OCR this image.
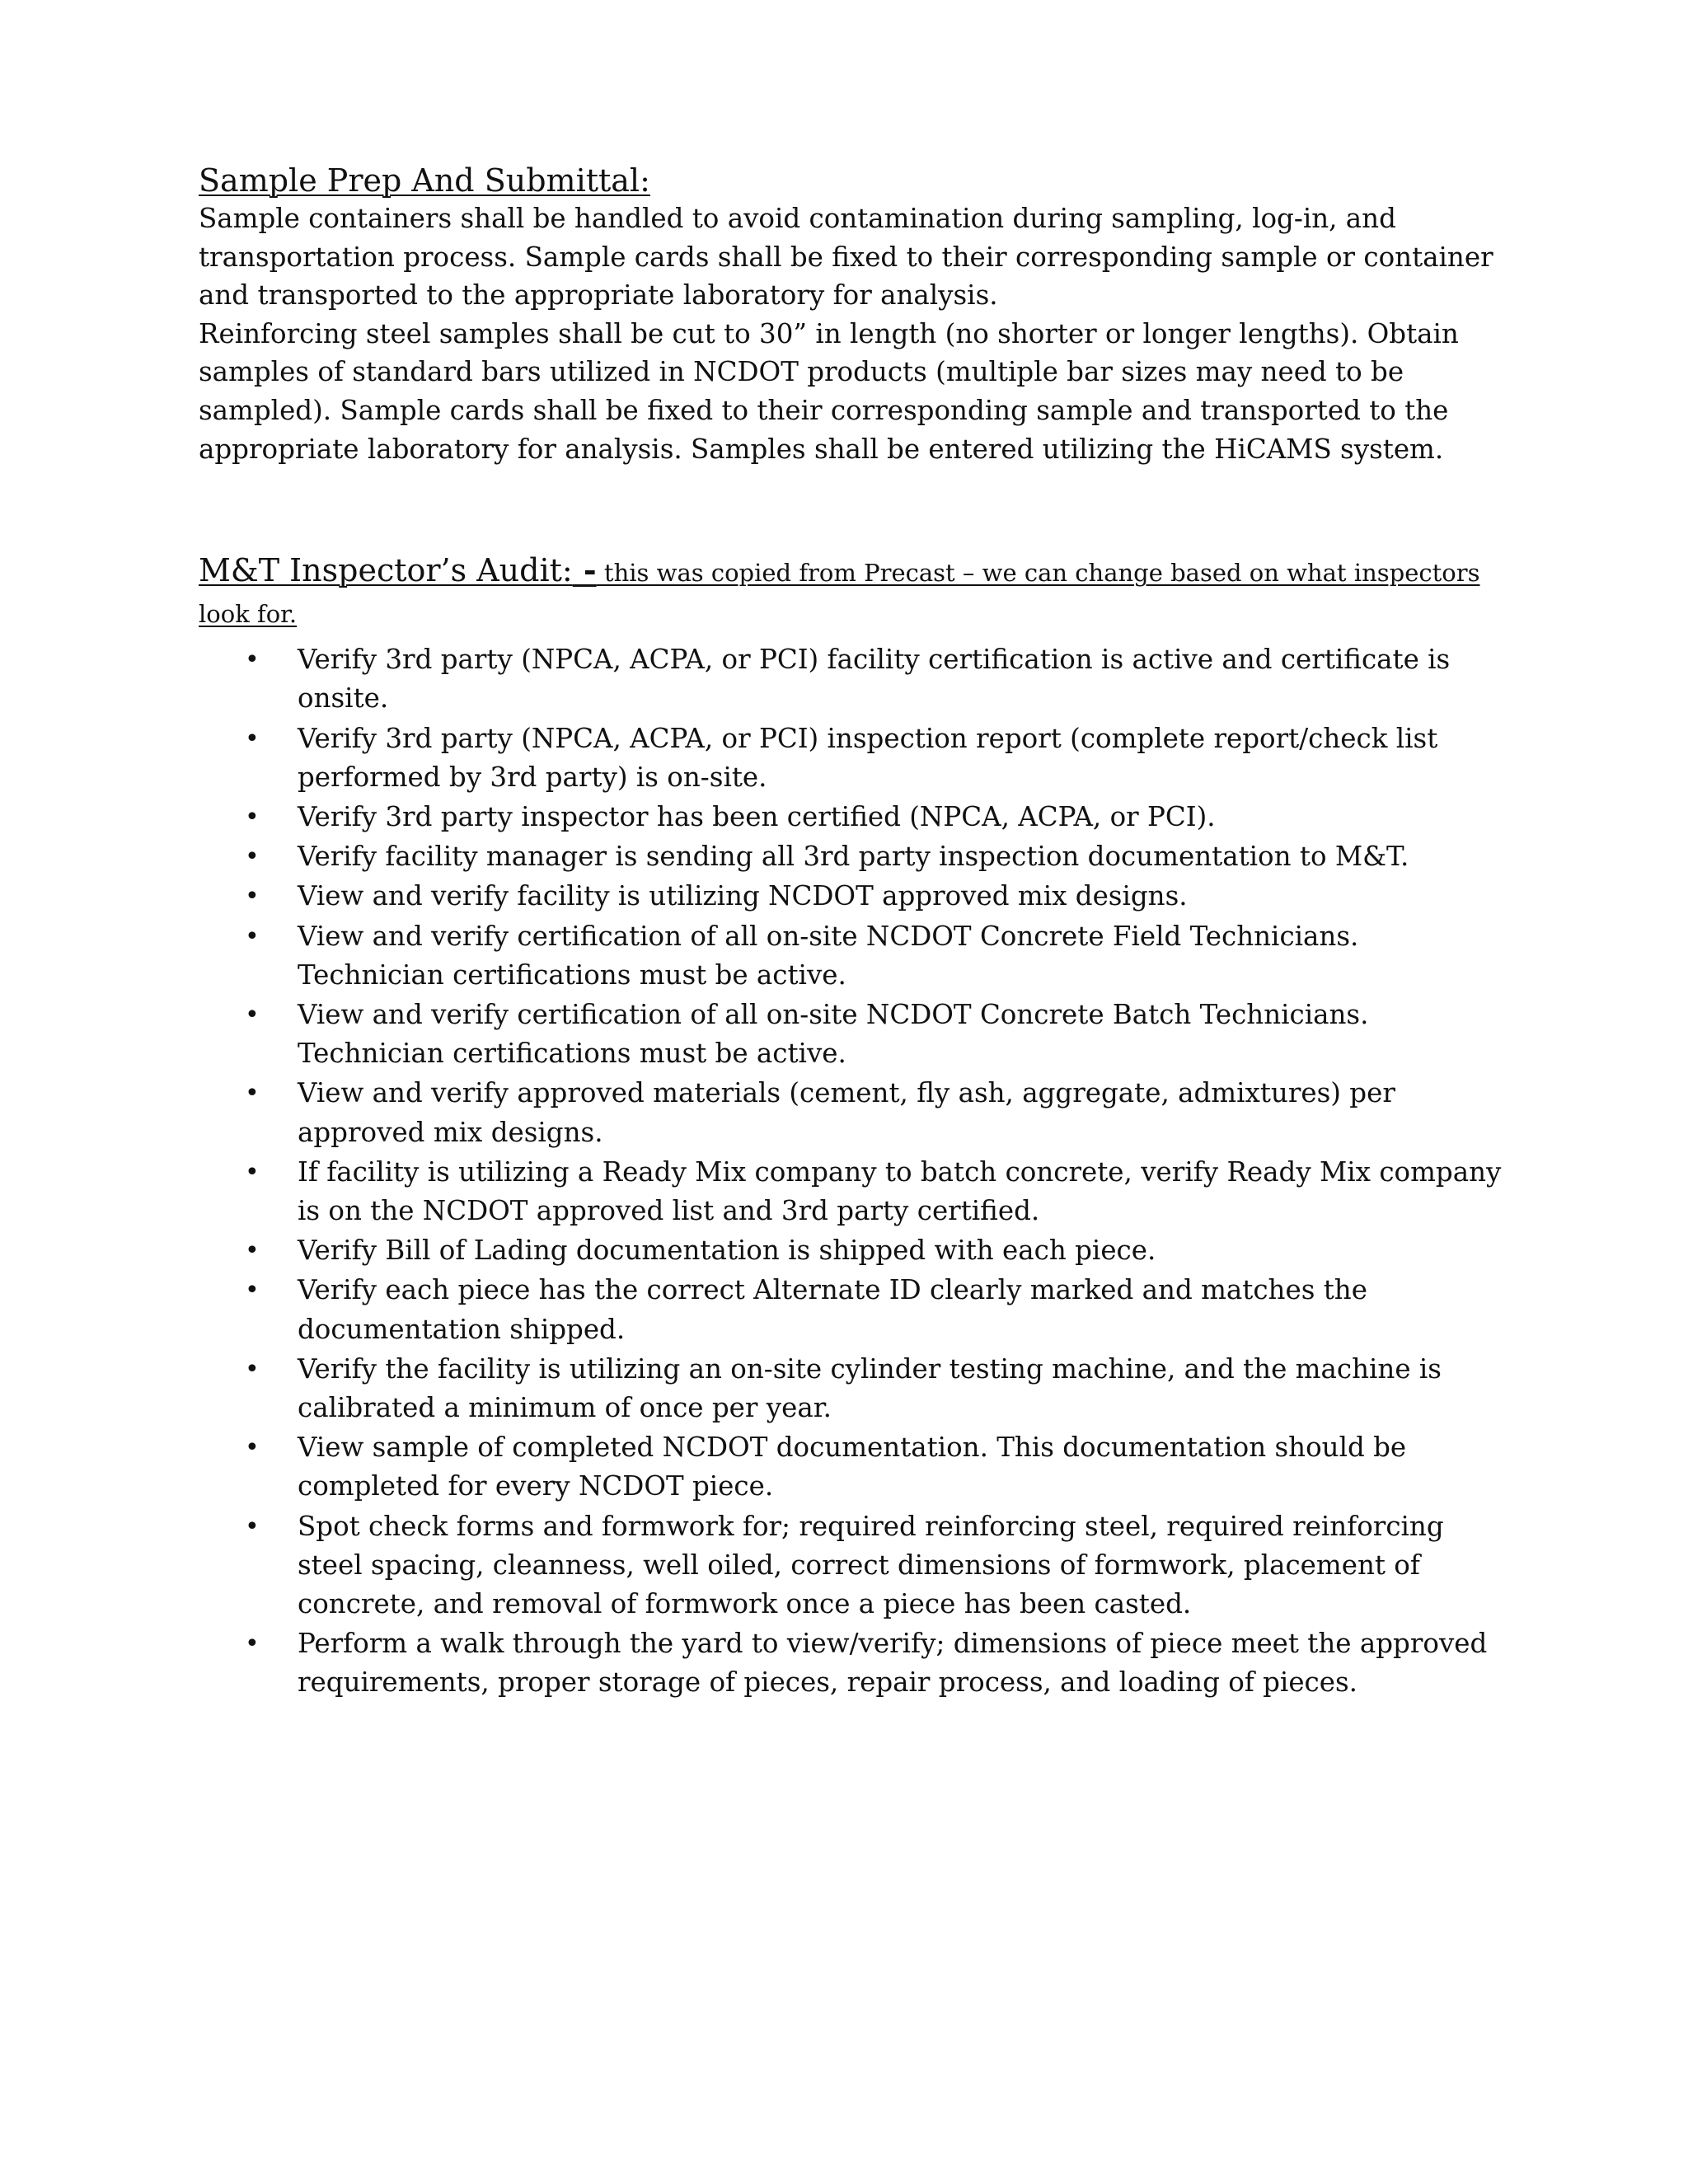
Sample Prep And Submittal:

Sample containers shall be handled to avoid contamination during sampling, log-in, and transportation process. Sample cards shall be fixed to their corresponding sample or container and transported to the appropriate laboratory for analysis.

Reinforcing steel samples shall be cut to 30” in length (no shorter or longer lengths). Obtain samples of standard bars utilized in NCDOT products (multiple bar sizes may need to be sampled). Sample cards shall be fixed to their corresponding sample and transported to the appropriate laboratory for analysis. Samples shall be entered utilizing the HiCAMS system.

M&T Inspector’s Audit: - this was copied from Precast – we can change based on what inspectors look for.
• Verify 3rd party (NPCA, ACPA, or PCI) facility certification is active and certificate is onsite.
• Verify 3rd party (NPCA, ACPA, or PCI) inspection report (complete report/check list performed by 3rd party) is on-site.
• Verify 3rd party inspector has been certified (NPCA, ACPA, or PCI).
• Verify facility manager is sending all 3rd party inspection documentation to M&T.
• View and verify facility is utilizing NCDOT approved mix designs.
• View and verify certification of all on-site NCDOT Concrete Field Technicians. Technician certifications must be active.
• View and verify certification of all on-site NCDOT Concrete Batch Technicians. Technician certifications must be active.
• View and verify approved materials (cement, fly ash, aggregate, admixtures) per approved mix designs.
• If facility is utilizing a Ready Mix company to batch concrete, verify Ready Mix company is on the NCDOT approved list and 3rd party certified.
• Verify Bill of Lading documentation is shipped with each piece.
• Verify each piece has the correct Alternate ID clearly marked and matches the documentation shipped.
• Verify the facility is utilizing an on-site cylinder testing machine, and the machine is calibrated a minimum of once per year.
• View sample of completed NCDOT documentation. This documentation should be completed for every NCDOT piece.
• Spot check forms and formwork for; required reinforcing steel, required reinforcing steel spacing, cleanness, well oiled, correct dimensions of formwork, placement of concrete, and removal of formwork once a piece has been casted.
• Perform a walk through the yard to view/verify; dimensions of piece meet the approved requirements, proper storage of pieces, repair process, and loading of pieces.
